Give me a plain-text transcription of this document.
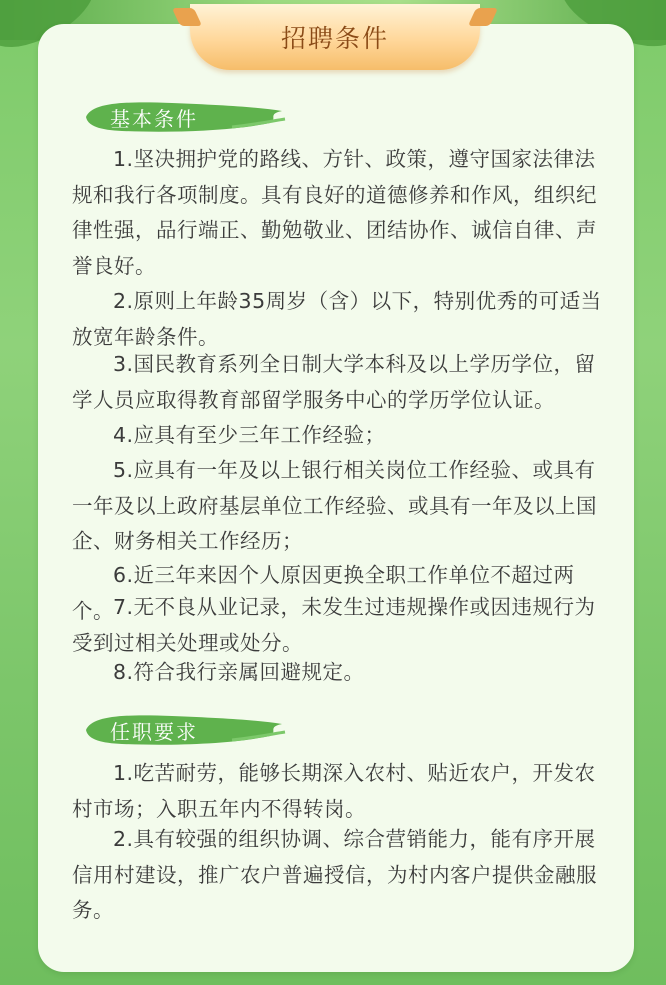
招聘条件
基本条件

1.坚决拥护党的路线、方针、政策，遵守国家法律法规和我行各项制度。具有良好的道德修养和作风，组织纪律性强，品行端正、勤勉敬业、团结协作、诚信自律、声誉良好。

2.原则上年龄35周岁（含）以下，特别优秀的可适当放宽年龄条件。

3.国民教育系列全日制大学本科及以上学历学位，留学人员应取得教育部留学服务中心的学历学位认证。

4.应具有至少三年工作经验；

5.应具有一年及以上银行相关岗位工作经验、或具有一年及以上政府基层单位工作经验、或具有一年及以上国企、财务相关工作经历；

6.近三年来因个人原因更换全职工作单位不超过两个。 7.无不良从业记录，未发生过违规操作或因违规行为受到过相关处理或处分。

8.符合我行亲属回避规定。

任职要求

1.吃苦耐劳，能够长期深入农村、贴近农户，开发农村市场；入职五年内不得转岗。

2.具有较强的组织协调、综合营销能力，能有序开展信用村建设，推广农户普遍授信，为村内客户提供金融服务。
